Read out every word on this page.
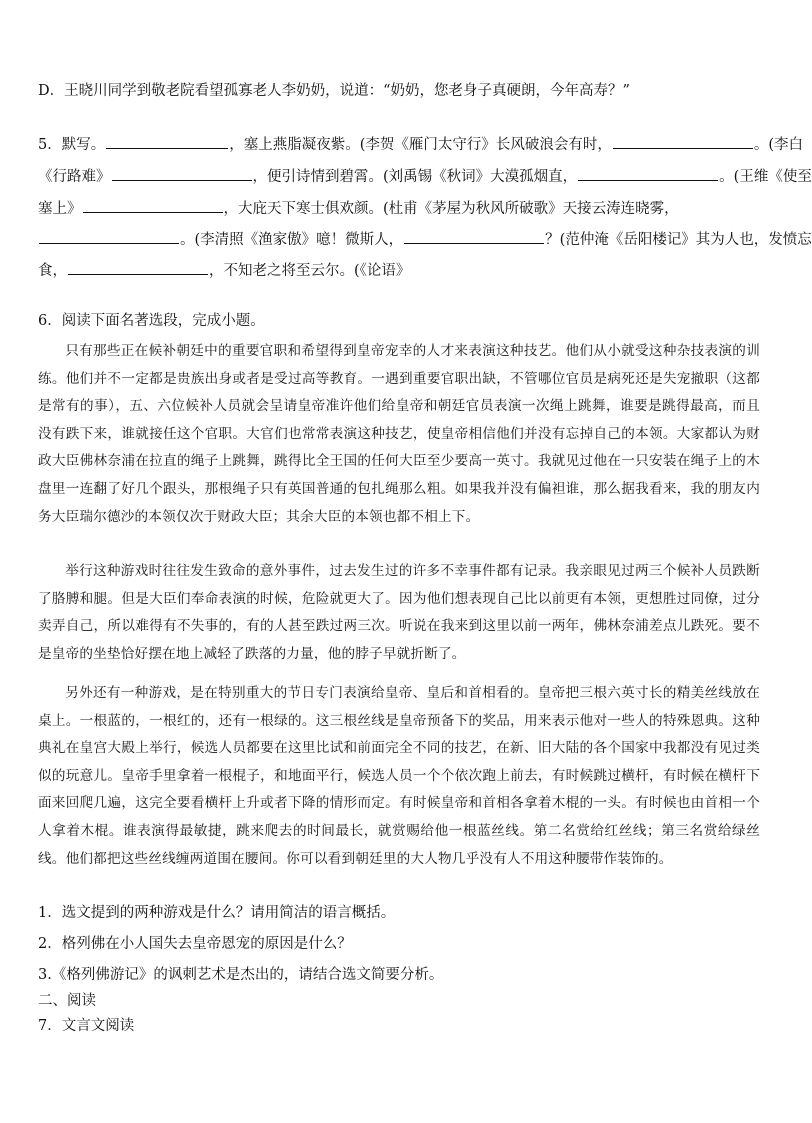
D．王晓川同学到敬老院看望孤寡老人李奶奶，说道：“奶奶，您老身子真硬朗，今年高寿？”
5．默写。	，塞上燕脂凝夜紫。(李贺《雁门太守行》长风破浪会有时，	。(李白
《行路难》	，便引诗情到碧霄。(刘禹锡《秋词》大漠孤烟直，	。(王维《使至
塞上》	，大庇天下寒士俱欢颜。(杜甫《茅屋为秋风所破歌》天接云涛连晓雾，
。(李清照《渔家傲》噫！微斯人，	？(范仲淹《岳阳楼记》其为人也，发愤忘
食，	，不知老之将至云尔。(《论语》
6．阅读下面名著选段，完成小题。
只有那些正在候补朝廷中的重要官职和希望得到皇帝宠幸的人才来表演这种技艺。他们从小就受这种杂技表演的训练。他们并不一定都是贵族出身或者是受过高等教育。一遇到重要官职出缺，不管哪位官员是病死还是失宠撤职（这都是常有的事），五、六位候补人员就会呈请皇帝准许他们给皇帝和朝廷官员表演一次绳上跳舞，谁要是跳得最高，而且没有跌下来，谁就接任这个官职。大官们也常常表演这种技艺，使皇帝相信他们并没有忘掉自己的本领。大家都认为财政大臣佛林奈浦在拉直的绳子上跳舞，跳得比全王国的任何大臣至少要高一英寸。我就见过他在一只安装在绳子上的木盘里一连翻了好几个跟头，那根绳子只有英国普通的包扎绳那么粗。如果我并没有偏袒谁，那么据我看来，我的朋友内务大臣瑞尔德沙的本领仅次于财政大臣；其余大臣的本领也都不相上下。
举行这种游戏时往往发生致命的意外事件，过去发生过的许多不幸事件都有记录。我亲眼见过两三个候补人员跌断了胳膊和腿。但是大臣们奉命表演的时候，危险就更大了。因为他们想表现自己比以前更有本领，更想胜过同僚，过分卖弄自己，所以难得有不失事的，有的人甚至跌过两三次。听说在我来到这里以前一两年，佛林奈浦差点儿跌死。要不是皇帝的坐垫恰好摆在地上减轻了跌落的力量，他的脖子早就折断了。
另外还有一种游戏，是在特别重大的节日专门表演给皇帝、皇后和首相看的。皇帝把三根六英寸长的精美丝线放在桌上。一根蓝的，一根红的，还有一根绿的。这三根丝线是皇帝预备下的奖品，用来表示他对一些人的特殊恩典。这种典礼在皇宫大殿上举行，候选人员都要在这里比试和前面完全不同的技艺，在新、旧大陆的各个国家中我都没有见过类似的玩意儿。皇帝手里拿着一根棍子，和地面平行，候选人员一个个依次跑上前去，有时候跳过横杆，有时候在横杆下面来回爬几遍，这完全要看横杆上升或者下降的情形而定。有时候皇帝和首相各拿着木棍的一头。有时候也由首相一个人拿着木棍。谁表演得最敏捷，跳来爬去的时间最长，就赏赐给他一根蓝丝线。第二名赏给红丝线；第三名赏给绿丝线。他们都把这些丝线缠两道围在腰间。你可以看到朝廷里的大人物几乎没有人不用这种腰带作装饰的。
1．选文提到的两种游戏是什么？请用简洁的语言概括。
2．格列佛在小人国失去皇帝恩宠的原因是什么？
3.《格列佛游记》的讽刺艺术是杰出的，请结合选文简要分析。
二、阅读
7．文言文阅读
